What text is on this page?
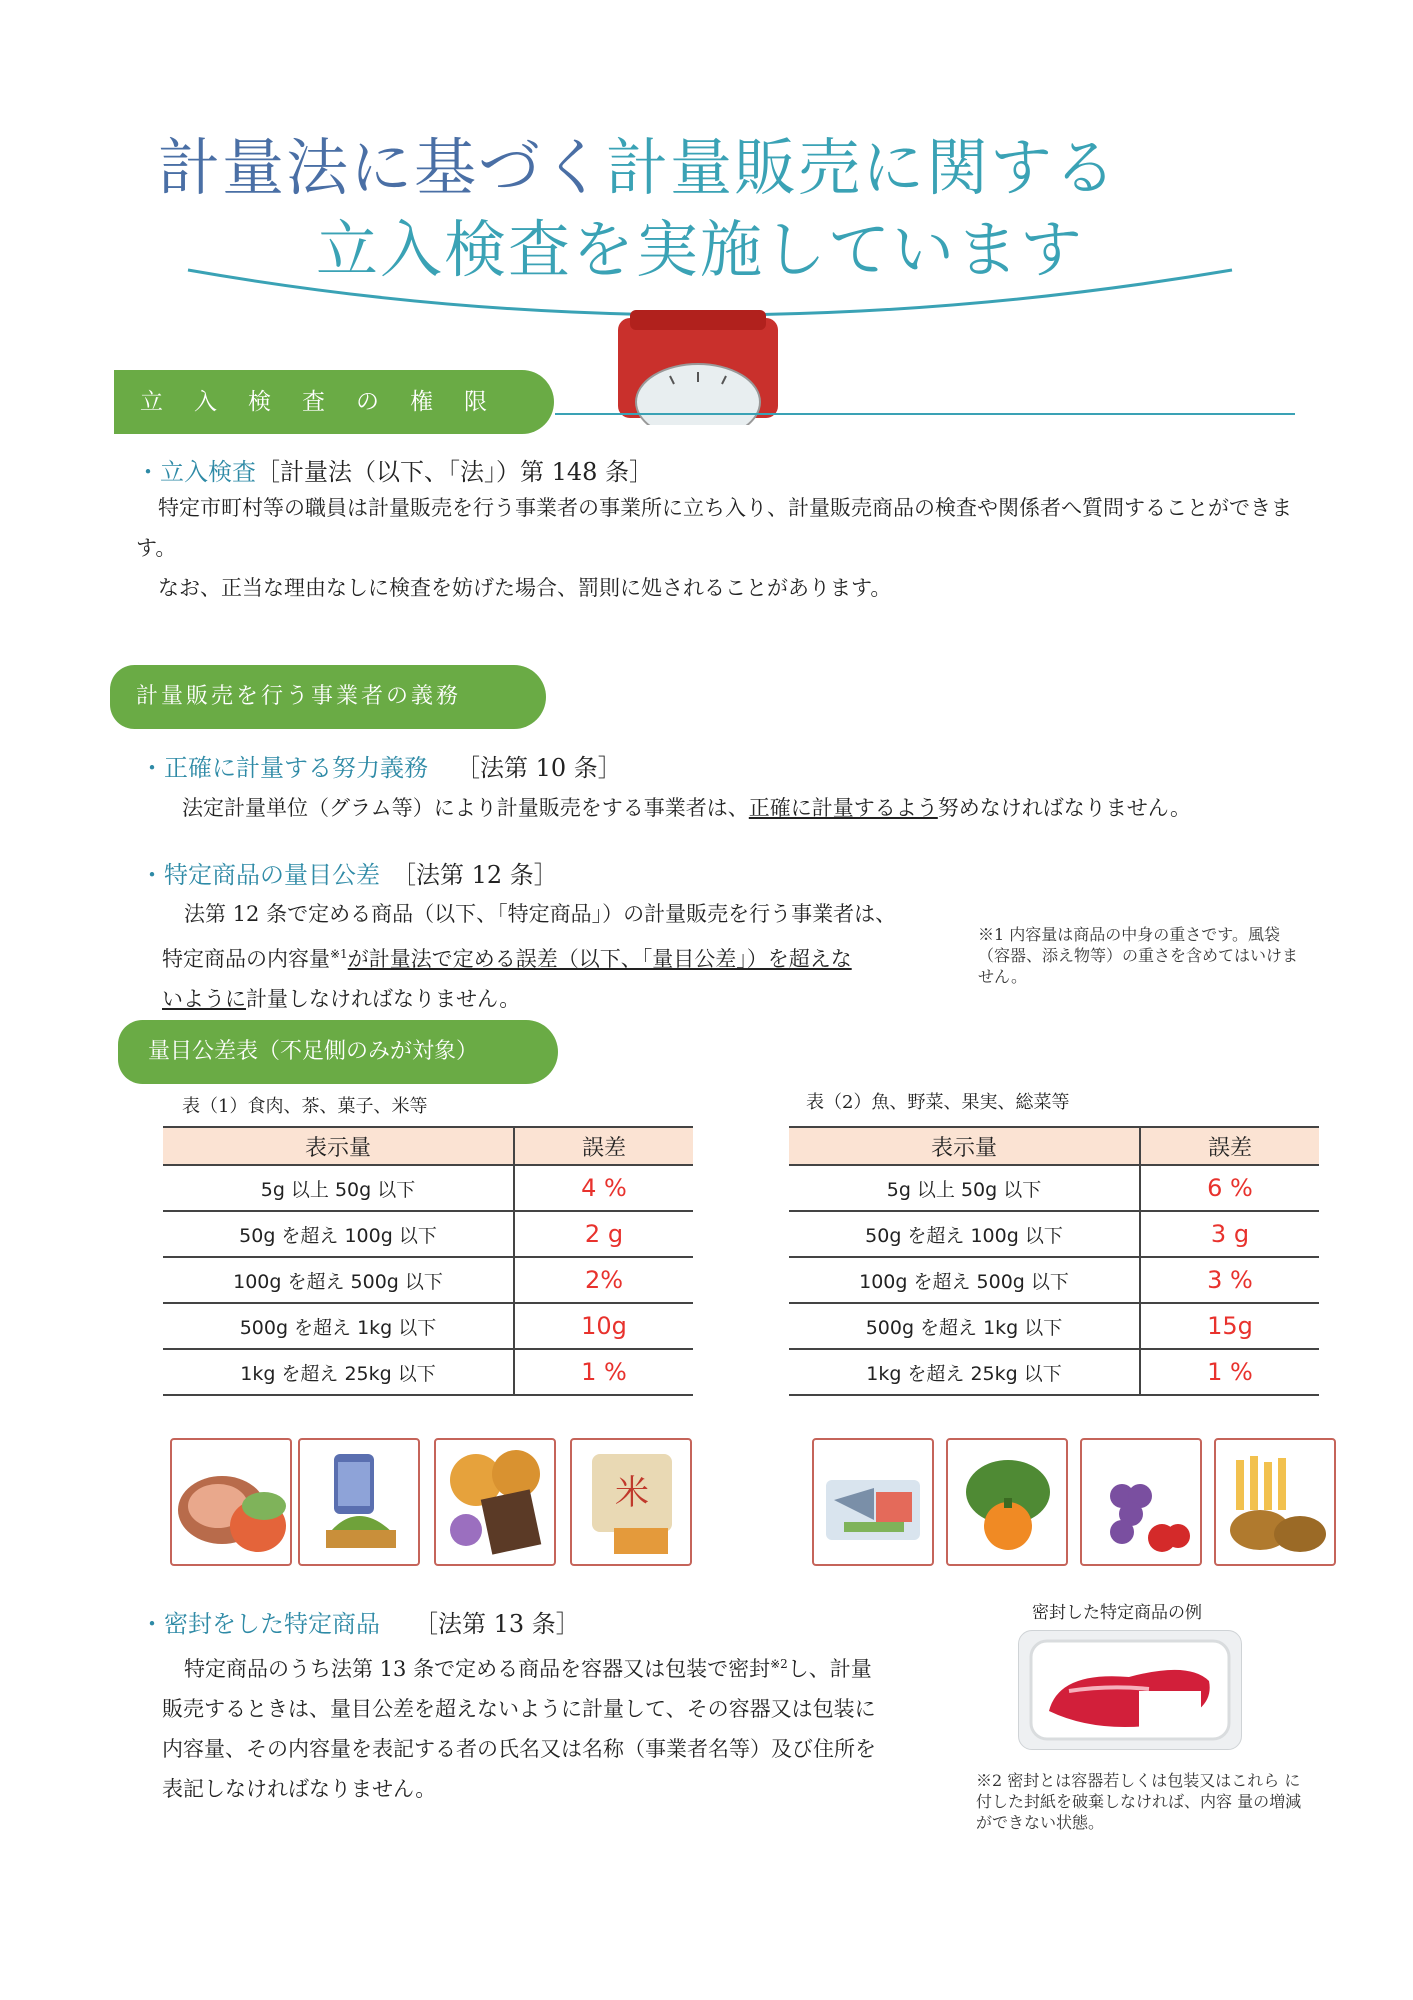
計量法に基づく計量販売に関する
立入検査を実施しています
立　入　検　査　の　権　限
・立入検査［計量法（以下、「法」）第 148 条］
特定市町村等の職員は計量販売を行う事業者の事業所に立ち入り、計量販売商品の検査や関係者へ質問することができます。
なお、正当な理由なしに検査を妨げた場合、罰則に処されることがあります。
計量販売を行う事業者の義務
・正確に計量する努力義務 ［法第 10 条］
法定計量単位（グラム等）により計量販売をする事業者は、正確に計量するよう努めなければなりません。
・特定商品の量目公差 ［法第 12 条］
法第 12 条で定める商品（以下、「特定商品」）の計量販売を行う事業者は、
特定商品の内容量$^{※1}$が計量法で定める誤差（以下、「量目公差」）を超えな
いように計量しなければなりません。
※1 内容量は商品の中身の重さです。風袋（容器、添え物等）の重さを含めてはいけません。
量目公差表（不足側のみが対象）
表（1）食肉、茶、菓子、米等	表（2）魚、野菜、果実、総菜等
表示量	誤差
5g 以上 50g 以下	4 %
50g を超え 100g 以下	2 g
100g を超え 500g 以下	2%
500g を超え 1kg 以下	10g
1kg を超え 25kg 以下	1 %
表示量	誤差
5g 以上 50g 以下	6 %
50g を超え 100g 以下	3 g
100g を超え 500g 以下	3 %
500g を超え 1kg 以下	15g
1kg を超え 25kg 以下	1 %
米
・密封をした特定商品 ［法第 13 条］
特定商品のうち法第 13 条で定める商品を容器又は包装で密封$^{※2}$し、計量
販売するときは、量目公差を超えないように計量して、その容器又は包装に
内容量、その内容量を表記する者の氏名又は名称（事業者名等）及び住所を
表記しなければなりません。
密封した特定商品の例
※2 密封とは容器若しくは包装又はこれら に付した封紙を破棄しなければ、内容 量の増減ができない状態。
